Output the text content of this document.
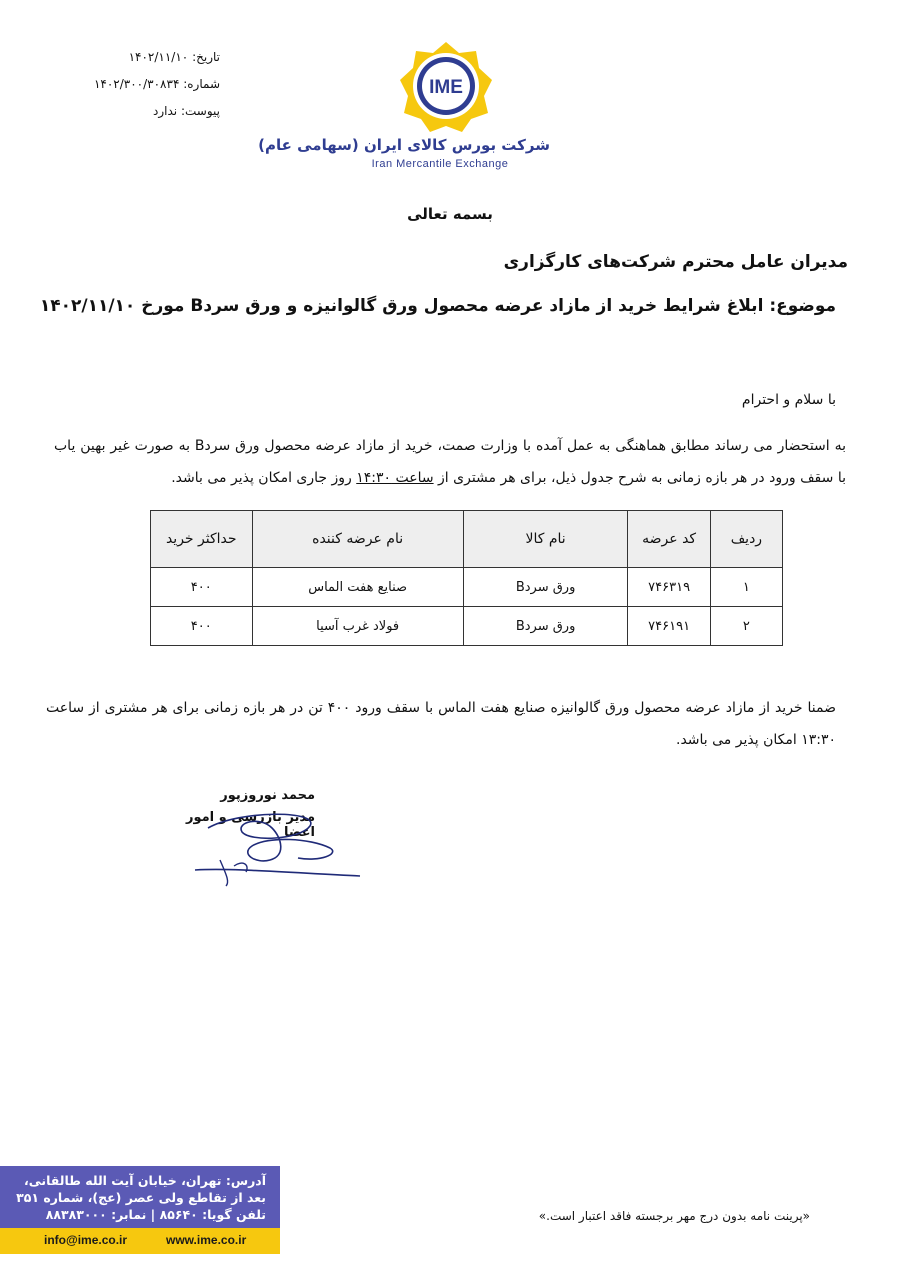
تاریخ: ۱۴۰۲/۱۱/۱۰
شماره: ۱۴۰۲/۳۰۰/۳۰۸۳۴
پیوست: ندارد
IME
شرکت بورس کالای ایران (سهامی عام)
Iran Mercantile Exchange
بسمه تعالی
مدیران عامل محترم شرکت‌های کارگزاری
موضوع: ابلاغ شرایط خرید از مازاد عرضه محصول ورق گالوانیزه و ورق سردB مورخ ۱۴۰۲/۱۱/۱۰
با سلام و احترام
به استحضار می رساند مطابق هماهنگی به عمل آمده با وزارت صمت، خرید از مازاد عرضه محصول ورق سردB به صورت غیر بهین یاب با سقف ورود در هر بازه زمانی به شرح جدول ذیل، برای هر مشتری از ساعت ۱۴:۳۰ روز جاری امکان پذیر می باشد.
ردیف	کد عرضه	نام کالا	نام عرضه کننده	حداکثر خرید
۱	۷۴۶۳۱۹	ورق سردB	صنایع هفت الماس	۴۰۰
۲	۷۴۶۱۹۱	ورق سردB	فولاد غرب آسیا	۴۰۰
ضمنا خرید از مازاد عرضه محصول ورق گالوانیزه صنایع هفت الماس با سقف ورود ۴۰۰ تن در هر بازه زمانی برای هر مشتری از ساعت ۱۳:۳۰ امکان پذیر می باشد.
محمد نوروزپور
مدیر بازرسی و امور اعضا
آدرس: تهران، خیابان آیت الله طالقانی،
بعد از تقاطع ولی عصر (عج)، شماره ۳۵۱
تلفن گویا: ۸۵۶۴۰ | نمابر: ۸۸۳۸۳۰۰۰
info@ime.co.ir	www.ime.co.ir
«پرینت نامه بدون درج مهر برجسته فاقد اعتبار است.»
